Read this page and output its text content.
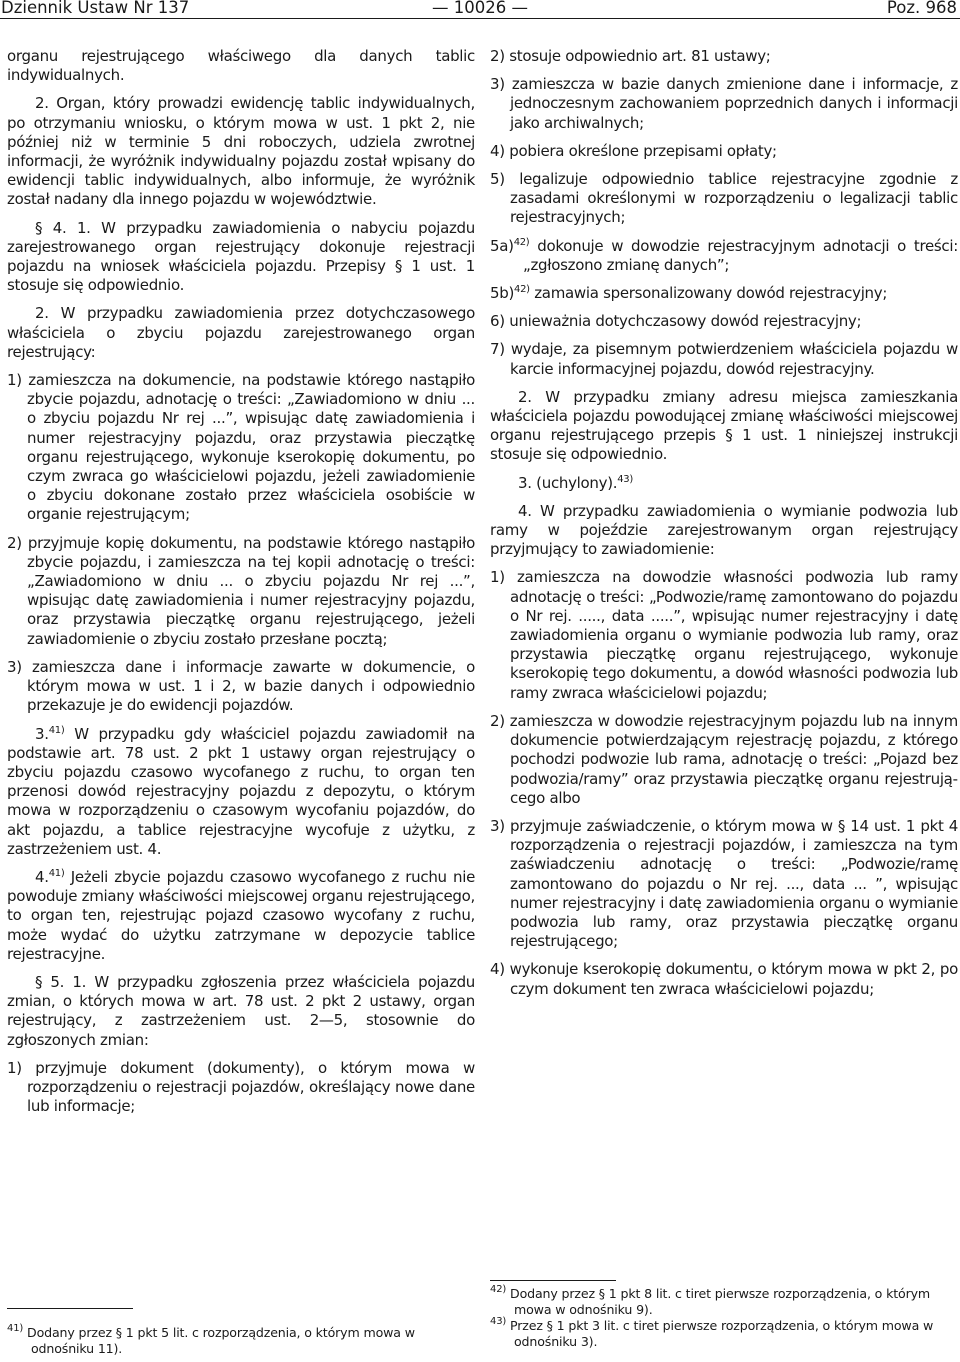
Dziennik Ustaw Nr 137	— 10026 —	Poz. 968

organu rejestrującego właściwego dla danych tablic indywidualnych.

2. Organ, który prowadzi ewidencję tablic indywidualnych, po otrzymaniu wniosku, o którym mowa w ust. 1 pkt 2, nie później niż w terminie 5 dni roboczych, udziela zwrotnej informacji, że wyróżnik indywidualny pojazdu został wpisany do ewidencji tablic indywidualnych, albo informuje, że wyróżnik został nadany dla innego pojazdu w województwie.

§ 4. 1. W przypadku zawiadomienia o nabyciu pojazdu zarejestrowanego organ rejestrujący dokonuje rejestracji pojazdu na wniosek właściciela pojazdu. Przepisy § 1 ust. 1 stosuje się odpowiednio.

2. W przypadku zawiadomienia przez dotychczasowego właściciela o zbyciu pojazdu zarejestrowanego organ rejestrujący:

1) zamieszcza na dokumencie, na podstawie którego nastąpiło zbycie pojazdu, adnotację o treści: „Zawiadomiono w dniu ... o zbyciu pojazdu Nr rej ...”, wpisując datę zawiadomienia i numer rejestracyjny pojazdu, oraz przystawia pieczątkę organu rejestrującego, wykonuje kserokopię dokumentu, po czym zwraca go właścicielowi pojazdu, jeżeli zawiadomienie o zbyciu dokonane zostało przez właściciela osobiście w organie rejestrującym;

2) przyjmuje kopię dokumentu, na podstawie którego nastąpiło zbycie pojazdu, i zamieszcza na tej kopii adnotację o treści: „Zawiadomiono w dniu ... o zbyciu pojazdu Nr rej ...”, wpisując datę zawiadomienia i numer rejestracyjny pojazdu, oraz przystawia pieczątkę organu rejestrującego, jeżeli zawiadomienie o zbyciu zostało przesłane pocztą;

3) zamieszcza dane i informacje zawarte w dokumencie, o którym mowa w ust. 1 i 2, w bazie danych i odpowiednio przekazuje je do ewidencji pojazdów.

3.$^{41)}$ W przypadku gdy właściciel pojazdu zawiadomił na podstawie art. 78 ust. 2 pkt 1 ustawy organ rejestrujący o zbyciu pojazdu czasowo wycofanego z ruchu, to organ ten przenosi dowód rejestracyjny pojazdu z depozytu, o którym mowa w rozporządzeniu o czasowym wycofaniu pojazdów, do akt pojazdu, a tablice rejestracyjne wycofuje z użytku, z zastrzeżeniem ust. 4.

4.$^{41)}$ Jeżeli zbycie pojazdu czasowo wycofanego z ruchu nie powoduje zmiany właściwości miejscowej organu rejestrującego, to organ ten, rejestrując pojazd czasowo wycofany z ruchu, może wydać do użytku zatrzymane w depozycie tablice rejestracyjne.

§ 5. 1. W przypadku zgłoszenia przez właściciela pojazdu zmian, o których mowa w art. 78 ust. 2 pkt 2 ustawy, organ rejestrujący, z zastrzeżeniem ust. 2—5, stosownie do zgłoszonych zmian:

1) przyjmuje dokument (dokumenty), o którym mowa w rozporządzeniu o rejestracji pojazdów, określający nowe dane lub informacje;

2) stosuje odpowiednio art. 81 ustawy;

3) zamieszcza w bazie danych zmienione dane i informacje, z jednoczesnym zachowaniem poprzednich danych i informacji jako archiwalnych;

4) pobiera określone przepisami opłaty;

5) legalizuje odpowiednio tablice rejestracyjne zgodnie z zasadami określonymi w rozporządzeniu o legalizacji tablic rejestracyjnych;

5a)$^{42)}$ dokonuje w dowodzie rejestracyjnym adnotacji o treści: „zgłoszono zmianę danych”;

5b)$^{42)}$ zamawia spersonalizowany dowód rejestracyjny;

6) unieważnia dotychczasowy dowód rejestracyjny;

7) wydaje, za pisemnym potwierdzeniem właściciela pojazdu w karcie informacyjnej pojazdu, dowód rejestracyjny.

2. W przypadku zmiany adresu miejsca zamieszkania właściciela pojazdu powodującej zmianę właściwości miejscowej organu rejestrującego przepis § 1 ust. 1 niniejszej instrukcji stosuje się odpowiednio.

3. (uchylony).$^{43)}$

4. W przypadku zawiadomienia o wymianie podwozia lub ramy w pojeździe zarejestrowanym organ rejestrujący przyjmujący to zawiadomienie:

1) zamieszcza na dowodzie własności podwozia lub ramy adnotację o treści: „Podwozie/ramę zamontowano do pojazdu o Nr rej. ....., data .....”, wpisując numer rejestracyjny i datę zawiadomienia organu o wymianie podwozia lub ramy, oraz przystawia pieczątkę organu rejestrującego, wykonuje kserokopię tego dokumentu, a dowód własności podwozia lub ramy zwraca właścicielowi pojazdu;

2) zamieszcza w dowodzie rejestracyjnym pojazdu lub na innym dokumencie potwierdzającym rejestrację pojazdu, z którego pochodzi podwozie lub rama, adnotację o treści: „Pojazd bez podwozia/ramy” oraz przystawia pieczątkę organu rejestrującego albo

3) przyjmuje zaświadczenie, o którym mowa w § 14 ust. 1 pkt 4 rozporządzenia o rejestracji pojazdów, i zamieszcza na tym zaświadczeniu adnotację o treści: „Podwozie/ramę zamontowano do pojazdu o Nr rej. ..., data ... ”, wpisując numer rejestracyjny i datę zawiadomienia organu o wymianie podwozia lub ramy, oraz przystawia pieczątkę organu rejestrującego;

4) wykonuje kserokopię dokumentu, o którym mowa w pkt 2, po czym dokument ten zwraca właścicielowi pojazdu;

$^{41)}$ Dodany przez § 1 pkt 5 lit. c rozporządzenia, o którym mowa w odnośniku 11).

$^{42)}$ Dodany przez § 1 pkt 8 lit. c tiret pierwsze rozporządzenia, o którym mowa w odnośniku 9).

$^{43)}$ Przez § 1 pkt 3 lit. c tiret pierwsze rozporządzenia, o którym mowa w odnośniku 3).
